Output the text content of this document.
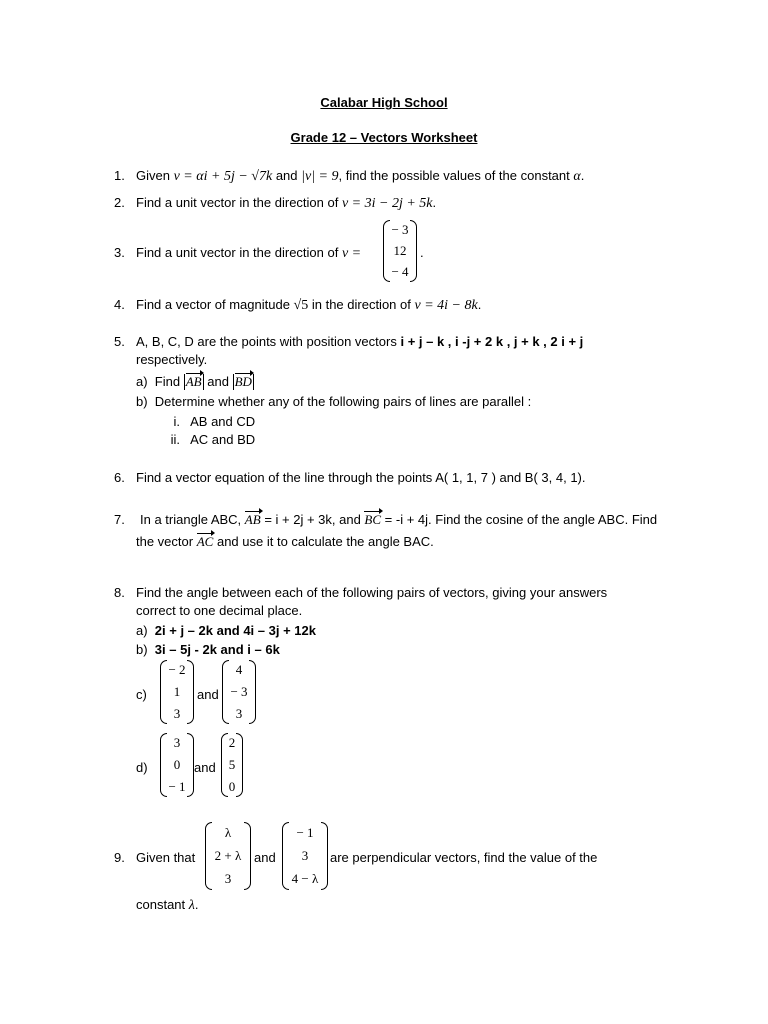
Calabar High School
Grade 12 – Vectors Worksheet
1. Given v = αi + 5j − √7k and |v| = 9, find the possible values of the constant α.
2. Find a unit vector in the direction of v = 3i − 2j + 5k.
3. Find a unit vector in the direction of v =
− 3
12
− 4
.
4. Find a vector of magnitude √5 in the direction of v = 4i − 8k.
5. A, B, C, D are the points with position vectors i + j – k , i -j + 2 k , j + k , 2 i + j
respectively.
a) Find AB and BD
b) Determine whether any of the following pairs of lines are parallel :
i. AB and CD
ii. AC and BD
6. Find a vector equation of the line through the points A( 1, 1, 7 ) and B( 3, 4, 1).
7. In a triangle ABC, AB = i + 2j + 3k, and BC = -i + 4j. Find the cosine of the angle ABC. Find
the vector AC and use it to calculate the angle BAC.
8. Find the angle between each of the following pairs of vectors, giving your answers
correct to one decimal place.
a) 2i + j – 2k and 4i – 3j + 12k
b) 3i – 5j - 2k and i – 6k
c)
− 2
1
3
and
4
− 3
3
d)
3
0
− 1
and
2
5
0
9. Given that
λ
2 + λ
3
and
− 1
3
4 − λ
are perpendicular vectors, find the value of the
constant λ.
